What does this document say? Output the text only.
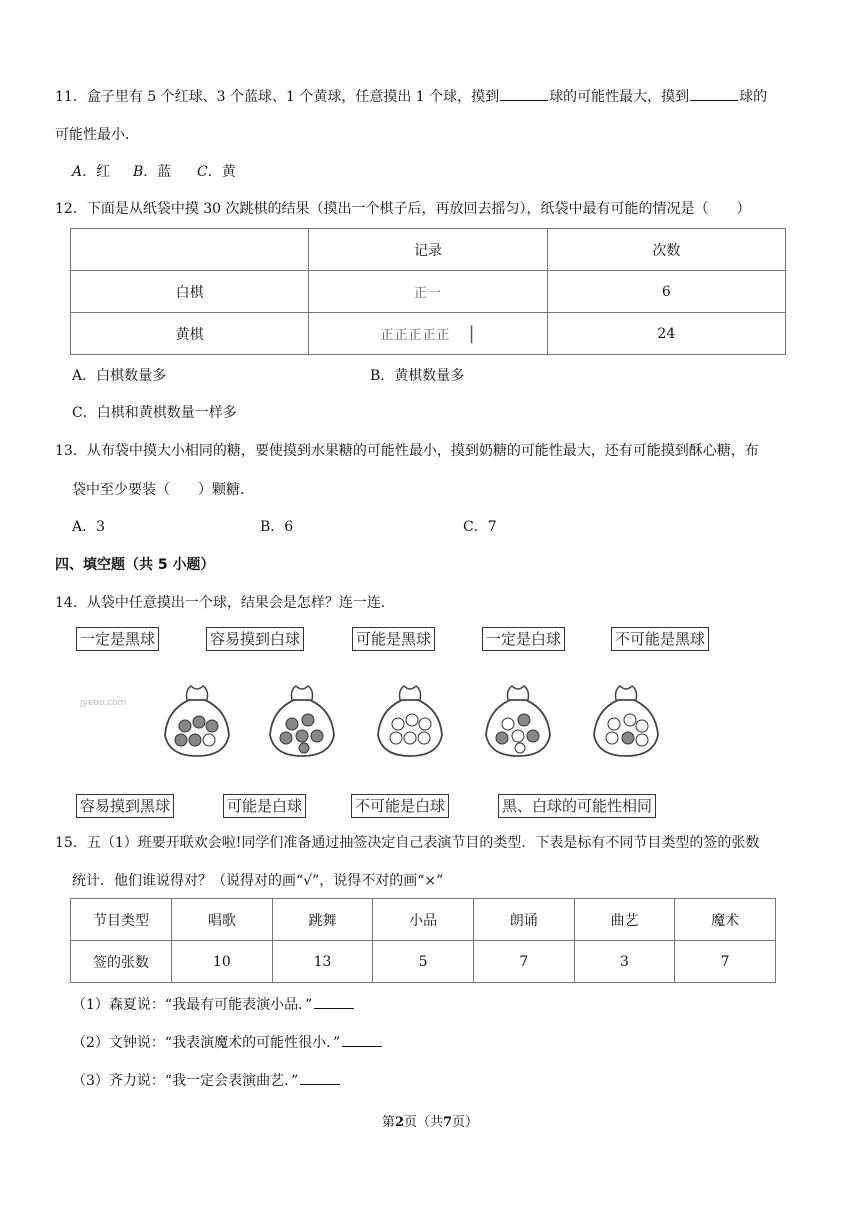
11．盒子里有 5 个红球、3 个蓝球、1 个黄球，任意摸出 1 个球，摸到	球的可能性最大，摸到	球的
可能性最小．
A．红 B．蓝 C．黄
12．下面是从纸袋中摸 30 次跳棋的结果（摸出一个棋子后，再放回去摇匀），纸袋中最有可能的情况是（　　）
	记录	次数
白棋	正一	6
黄棋	正正正正正 |	24
A．白棋数量多	B．黄棋数量多
C．白棋和黄棋数量一样多
13．从布袋中摸大小相同的糖，要使摸到水果糖的可能性最小，摸到奶糖的可能性最大，还有可能摸到酥心糖，布
袋中至少要装（　　）颗糖．
A．3	B．6	C．7
四、填空题（共 5 小题）
14．从袋中任意摸出一个球，结果会是怎样？连一连．
一定是黑球	容易摸到白球	可能是黑球	一定是白球	不可能是黑球
jyeoo.com
容易摸到黑球	可能是白球	不可能是白球	黑、白球的可能性相同
15．五（1）班要开联欢会啦!同学们准备通过抽签决定自己表演节目的类型．下表是标有不同节目类型的签的张数
统计．他们谁说得对？（说得对的画“√”，说得不对的画“×”
节目类型	唱歌	跳舞	小品	朗诵	曲艺	魔术
签的张数	10	13	5	7	3	7
（1）森夏说：“我最有可能表演小品．”
（2）文钟说：“我表演魔术的可能性很小．”
（3）齐力说：“我一定会表演曲艺．”
第2页（共7页）
